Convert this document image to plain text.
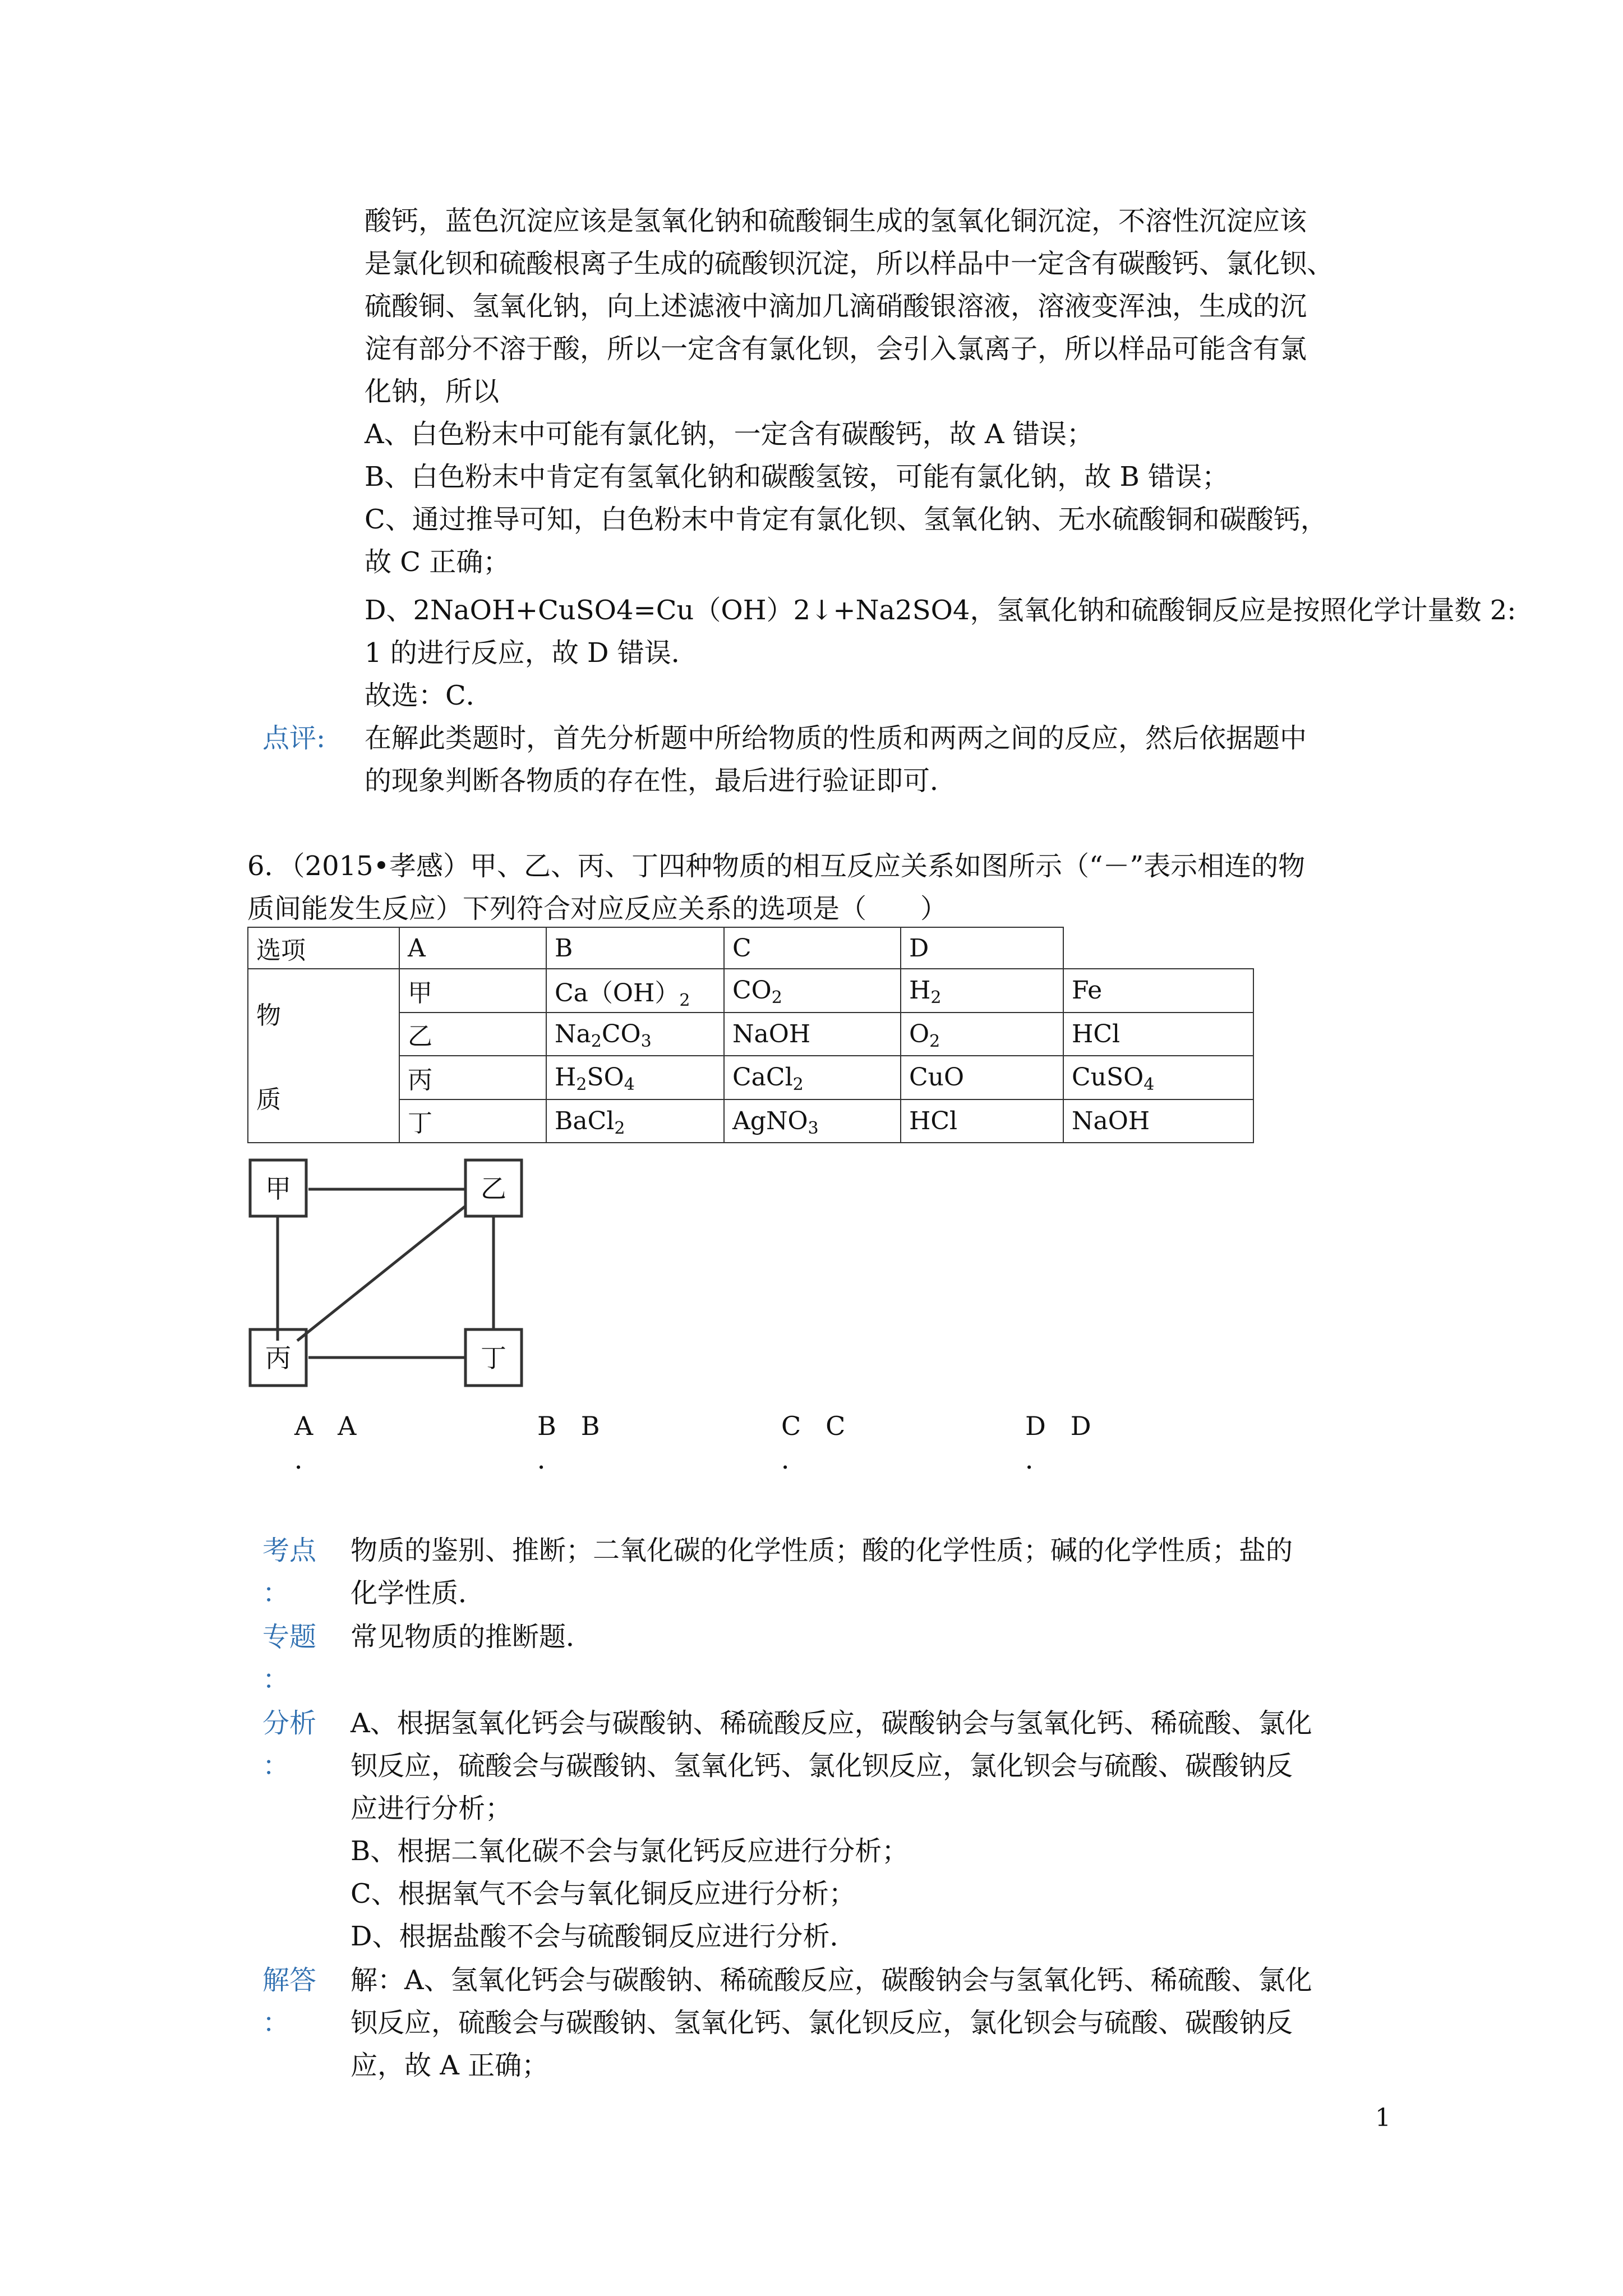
酸钙，蓝色沉淀应该是氢氧化钠和硫酸铜生成的氢氧化铜沉淀，不溶性沉淀应该
是氯化钡和硫酸根离子生成的硫酸钡沉淀，所以样品中一定含有碳酸钙、氯化钡、
硫酸铜、氢氧化钠，向上述滤液中滴加几滴硝酸银溶液，溶液变浑浊，生成的沉
淀有部分不溶于酸，所以一定含有氯化钡，会引入氯离子，所以样品可能含有氯
化钠，所以
A、白色粉末中可能有氯化钠，一定含有碳酸钙，故 A 错误；
B、白色粉末中肯定有氢氧化钠和碳酸氢铵，可能有氯化钠，故 B 错误；
C、通过推导可知，白色粉末中肯定有氯化钡、氢氧化钠、无水硫酸铜和碳酸钙，
故 C 正确；
D、2NaOH+CuSO4=Cu（OH）2↓+Na2SO4，氢氧化钠和硫酸铜反应是按照化学计量数 2:
1 的进行反应，故 D 错误．
故选：C．
点评: 在解此类题时，首先分析题中所给物质的性质和两两之间的反应，然后依据题中
的现象判断各物质的存在性，最后进行验证即可．
6．（2015•孝感）甲、乙、丙、丁四种物质的相互反应关系如图所示（“－”表示相连的物
质间能发生反应）下列符合对应反应关系的选项是（　　）
选项	A	B	C	D	
物
质	甲	$Ca(OH)_2$	$CO_2$	$H_2$	Fe
	乙	$Na_2CO_3$	NaOH	$O_2$	HCl
	丙	$H_2SO_4$	CaCl$_2$	CuO	CuSO$_4$
	丁	BaCl$_2$	AgNO$_3$	HCl	NaOH
甲	乙
丙	丁
A A
．
B B
．
C C
．
D D
．
考点
：
物质的鉴别、推断；二氧化碳的化学性质；酸的化学性质；碱的化学性质；盐的
化学性质．
专题
：
常见物质的推断题．
分析
：
A、根据氢氧化钙会与碳酸钠、稀硫酸反应，碳酸钠会与氢氧化钙、稀硫酸、氯化
钡反应，硫酸会与碳酸钠、氢氧化钙、氯化钡反应，氯化钡会与硫酸、碳酸钠反
应进行分析；
B、根据二氧化碳不会与氯化钙反应进行分析；
C、根据氧气不会与氧化铜反应进行分析；
D、根据盐酸不会与硫酸铜反应进行分析．
解答
：
解：A、氢氧化钙会与碳酸钠、稀硫酸反应，碳酸钠会与氢氧化钙、稀硫酸、氯化
钡反应，硫酸会与碳酸钠、氢氧化钙、氯化钡反应，氯化钡会与硫酸、碳酸钠反
应，故 A 正确；
1
